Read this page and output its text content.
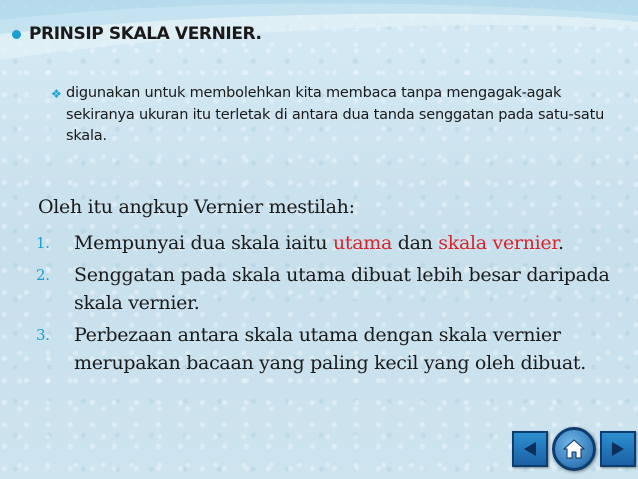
PRINSIP SKALA VERNIER.
❖ digunakan untuk membolehkan kita membaca tanpa mengagak-agak sekiranya ukuran itu terletak di antara dua tanda senggatan pada satu-satu skala.
Oleh itu angkup Vernier mestilah:
1. Mempunyai dua skala iaitu utama dan skala vernier.
2. Senggatan pada skala utama dibuat lebih besar daripada skala vernier.
3. Perbezaan antara skala utama dengan skala vernier merupakan bacaan yang paling kecil yang oleh dibuat.
